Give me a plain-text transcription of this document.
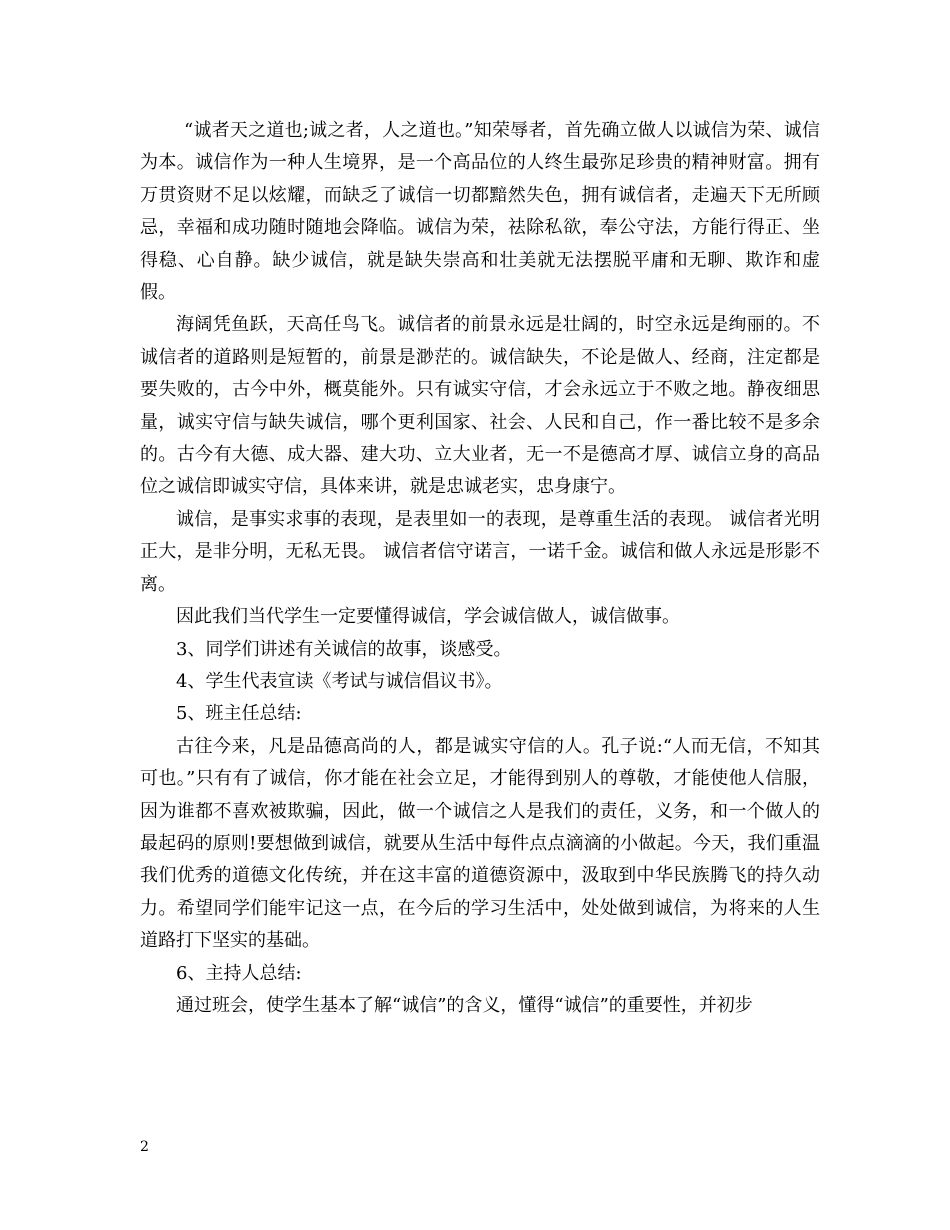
“诚者天之道也;诚之者，人之道也。”知荣辱者，首先确立做人以诚信为荣、诚信为本。诚信作为一种人生境界，是一个高品位的人终生最弥足珍贵的精神财富。拥有万贯资财不足以炫耀，而缺乏了诚信一切都黯然失色，拥有诚信者，走遍天下无所顾忌，幸福和成功随时随地会降临。诚信为荣，祛除私欲，奉公守法，方能行得正、坐得稳、心自静。缺少诚信，就是缺失崇高和壮美就无法摆脱平庸和无聊、欺诈和虚假。

海阔凭鱼跃，天高任鸟飞。诚信者的前景永远是壮阔的，时空永远是绚丽的。不诚信者的道路则是短暂的，前景是渺茫的。诚信缺失，不论是做人、经商，注定都是要失败的，古今中外，概莫能外。只有诚实守信，才会永远立于不败之地。静夜细思量，诚实守信与缺失诚信，哪个更利国家、社会、人民和自己，作一番比较不是多余的。古今有大德、成大器、建大功、立大业者，无一不是德高才厚、诚信立身的高品位之诚信即诚实守信，具体来讲，就是忠诚老实，忠身康宁。

诚信，是事实求事的表现，是表里如一的表现，是尊重生活的表现。 诚信者光明正大，是非分明，无私无畏。 诚信者信守诺言，一诺千金。诚信和做人永远是形影不离。

因此我们当代学生一定要懂得诚信，学会诚信做人，诚信做事。

3、同学们讲述有关诚信的故事，谈感受。

4、学生代表宣读《考试与诚信倡议书》。

5、班主任总结:

古往今来，凡是品德高尚的人，都是诚实守信的人。孔子说:“人而无信，不知其可也。”只有有了诚信，你才能在社会立足，才能得到别人的尊敬，才能使他人信服，因为谁都不喜欢被欺骗，因此，做一个诚信之人是我们的责任，义务，和一个做人的最起码的原则!要想做到诚信，就要从生活中每件点点滴滴的小做起。今天，我们重温我们优秀的道德文化传统，并在这丰富的道德资源中，汲取到中华民族腾飞的持久动力。希望同学们能牢记这一点，在今后的学习生活中，处处做到诚信，为将来的人生道路打下坚实的基础。

6、主持人总结:

通过班会，使学生基本了解“诚信”的含义，懂得“诚信”的重要性，并初步

2
